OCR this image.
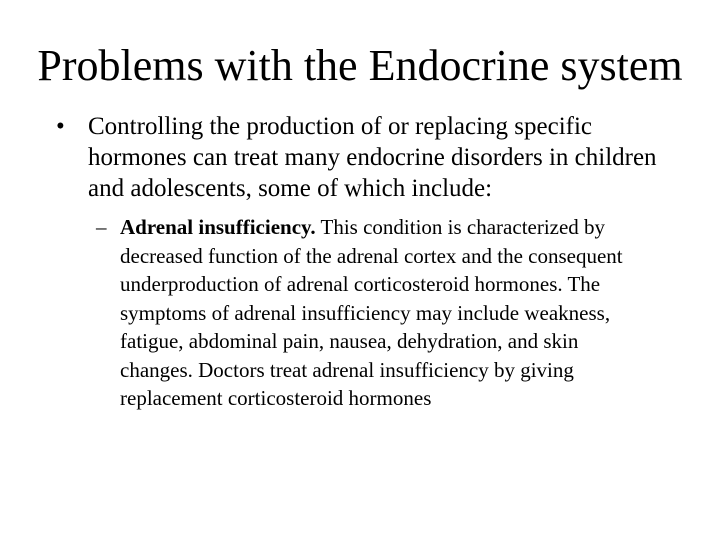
Problems with the Endocrine system
• Controlling the production of or replacing specific hormones can treat many endocrine disorders in children and adolescents, some of which include:
– Adrenal insufficiency. This condition is characterized by decreased function of the adrenal cortex and the consequent underproduction of adrenal corticosteroid hormones. The symptoms of adrenal insufficiency may include weakness, fatigue, abdominal pain, nausea, dehydration, and skin changes. Doctors treat adrenal insufficiency by giving replacement corticosteroid hormones
